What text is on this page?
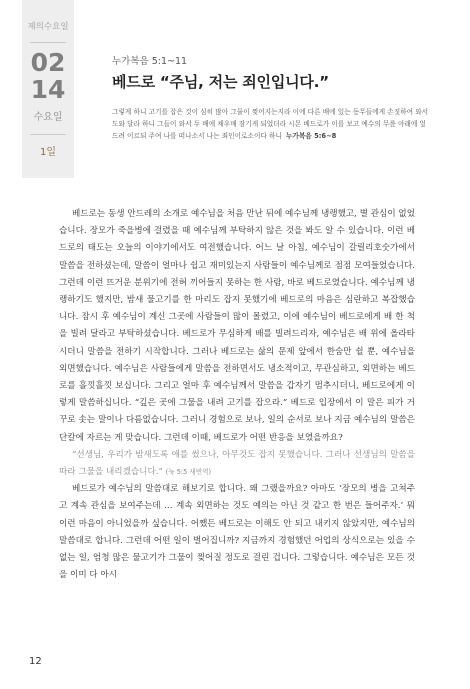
제의수요일
02
14
수요일
1일
누가복음 5:1~11
베드로 “주님, 저는 죄인입니다.”
그렇게 하니 고기를 잡은 것이 심히 많아 그물이 찢어지는지라 이에 다른 배에 있는 동무들에게 손짓하여 와서 도와 달라 하니 그들이 와서 두 배에 채우매 잠기게 되었더라 시몬 베드로가 이를 보고 예수의 무릎 아래에 엎드려 이르되 주여 나를 떠나소서 나는 죄인이로소이다 하니 누가복음 5:6~8

베드로는 동생 안드레의 소개로 예수님을 처음 만난 뒤에 예수님께 냉랭했고, 별 관심이 없었습니다. 장모가 죽을병에 걸렸을 때 예수님께 부탁하지 않은 것을 봐도 알 수 있습니다. 이런 베드로의 태도는 오늘의 이야기에서도 여전했습니다. 어느 날 아침, 예수님이 갈릴리호숫가에서 말씀을 전하셨는데, 말씀이 얼마나 쉽고 재미있는지 사람들이 예수님께로 점점 모여들었습니다. 그런데 이런 뜨거운 분위기에 전혀 끼어들지 못하는 한 사람, 바로 베드로였습니다. 예수님께 냉랭하기도 했지만, 밤새 물고기를 한 마리도 잡지 못했기에 베드로의 마음은 심란하고 복잡했습니다. 잠시 후 예수님이 계신 그곳에 사람들이 많이 몰렸고, 이에 예수님이 베드로에게 배 한 척을 빌려 달라고 부탁하셨습니다. 베드로가 무심하게 배를 빌려드리자, 예수님은 배 위에 올라타시더니 말씀을 전하기 시작합니다. 그러나 베드로는 삶의 문제 앞에서 한숨만 쉴 뿐, 예수님을 외면했습니다. 예수님은 사람들에게 말씀을 전하면서도 냉소적이고, 무관심하고, 외면하는 베드로를 흘낏흘낏 보십니다. 그리고 얼마 후 예수님께서 말씀을 갑자기 멈추시더니, 베드로에게 이렇게 말씀하십니다. “깊은 곳에 그물을 내려 고기를 잡으라.” 베드로 입장에서 이 말은 피가 거꾸로 솟는 말이나 다름없습니다. 그러니 경험으로 보나, 일의 순서로 보나 지금 예수님의 말씀은 단칼에 자르는 게 맞습니다. 그런데 이때, 베드로가 어떤 반응을 보였을까요?

“선생님, 우리가 밤새도록 애를 썼으나, 아무것도 잡지 못했습니다. 그러나 선생님의 말씀을 따라 그물을 내리겠습니다.” (눅 5:5 새번역)

베드로가 예수님의 말씀대로 해보기로 합니다. 왜 그랬을까요? 아마도 ‘장모의 병을 고쳐주고 계속 관심을 보여주는데 … 계속 외면하는 것도 예의는 아닌 것 같고 한 번은 들어주자.’ 뭐 이런 마음이 아니었을까 싶습니다. 어쨌든 베드로는 이해도 안 되고 내키지 않았지만, 예수님의 말씀대로 합니다. 그런데 어떤 일이 벌어집니까? 지금까지 경험했던 어업의 상식으로는 있을 수 없는 일, 엄청 많은 물고기가 그물이 찢어질 정도로 걸린 겁니다. 그렇습니다. 예수님은 모든 것을 이미 다 아시

12
